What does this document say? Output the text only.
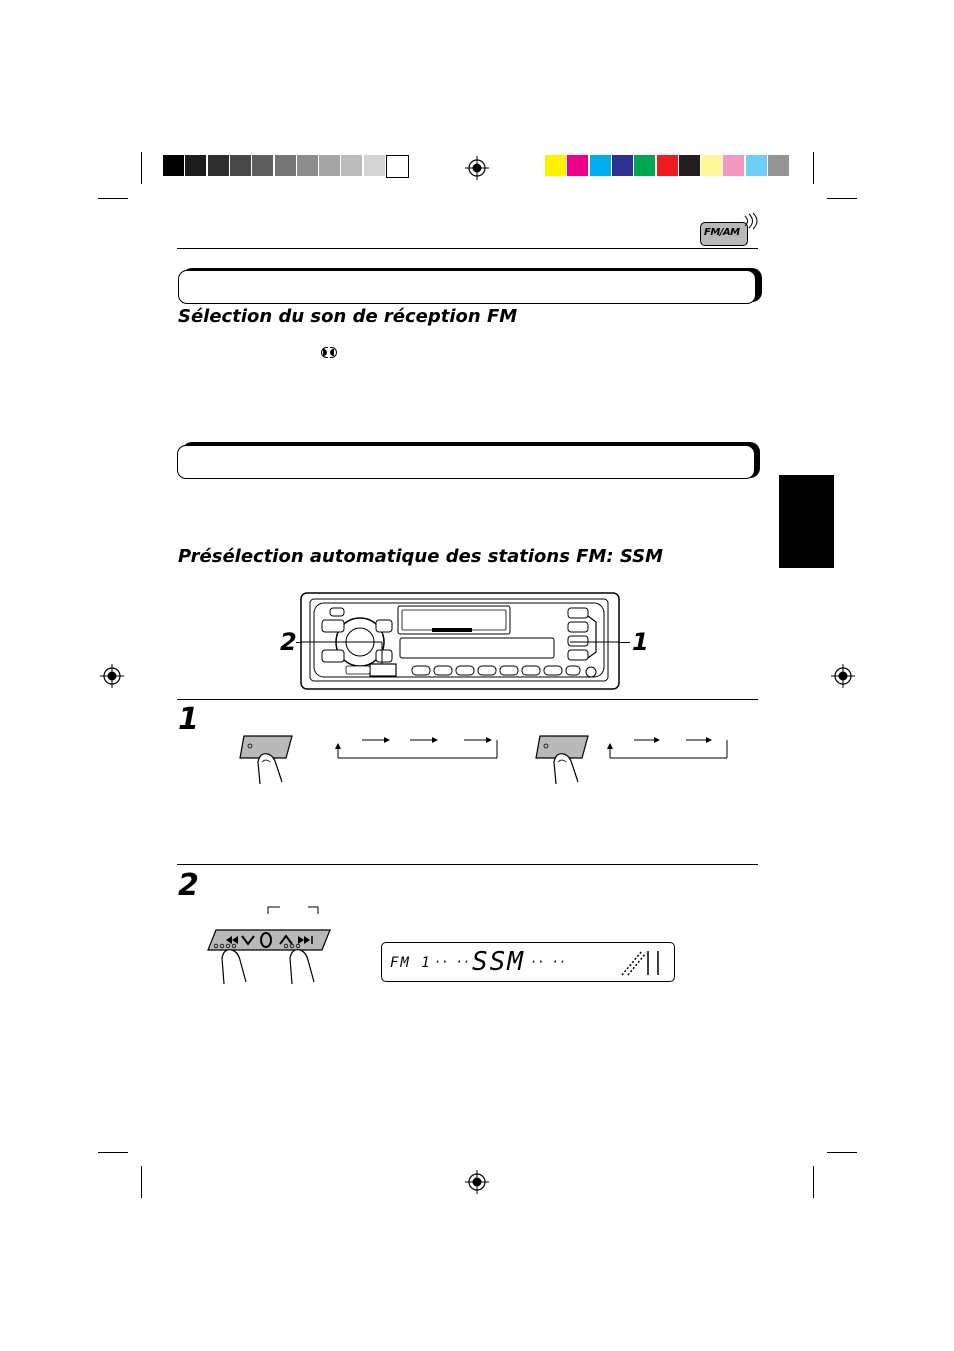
FM/AM
Sélection du son de réception FM
Présélection automatique des stations FM: SSM
2	1
1
2
FM 1 ·· ·· SSM ·· ··
